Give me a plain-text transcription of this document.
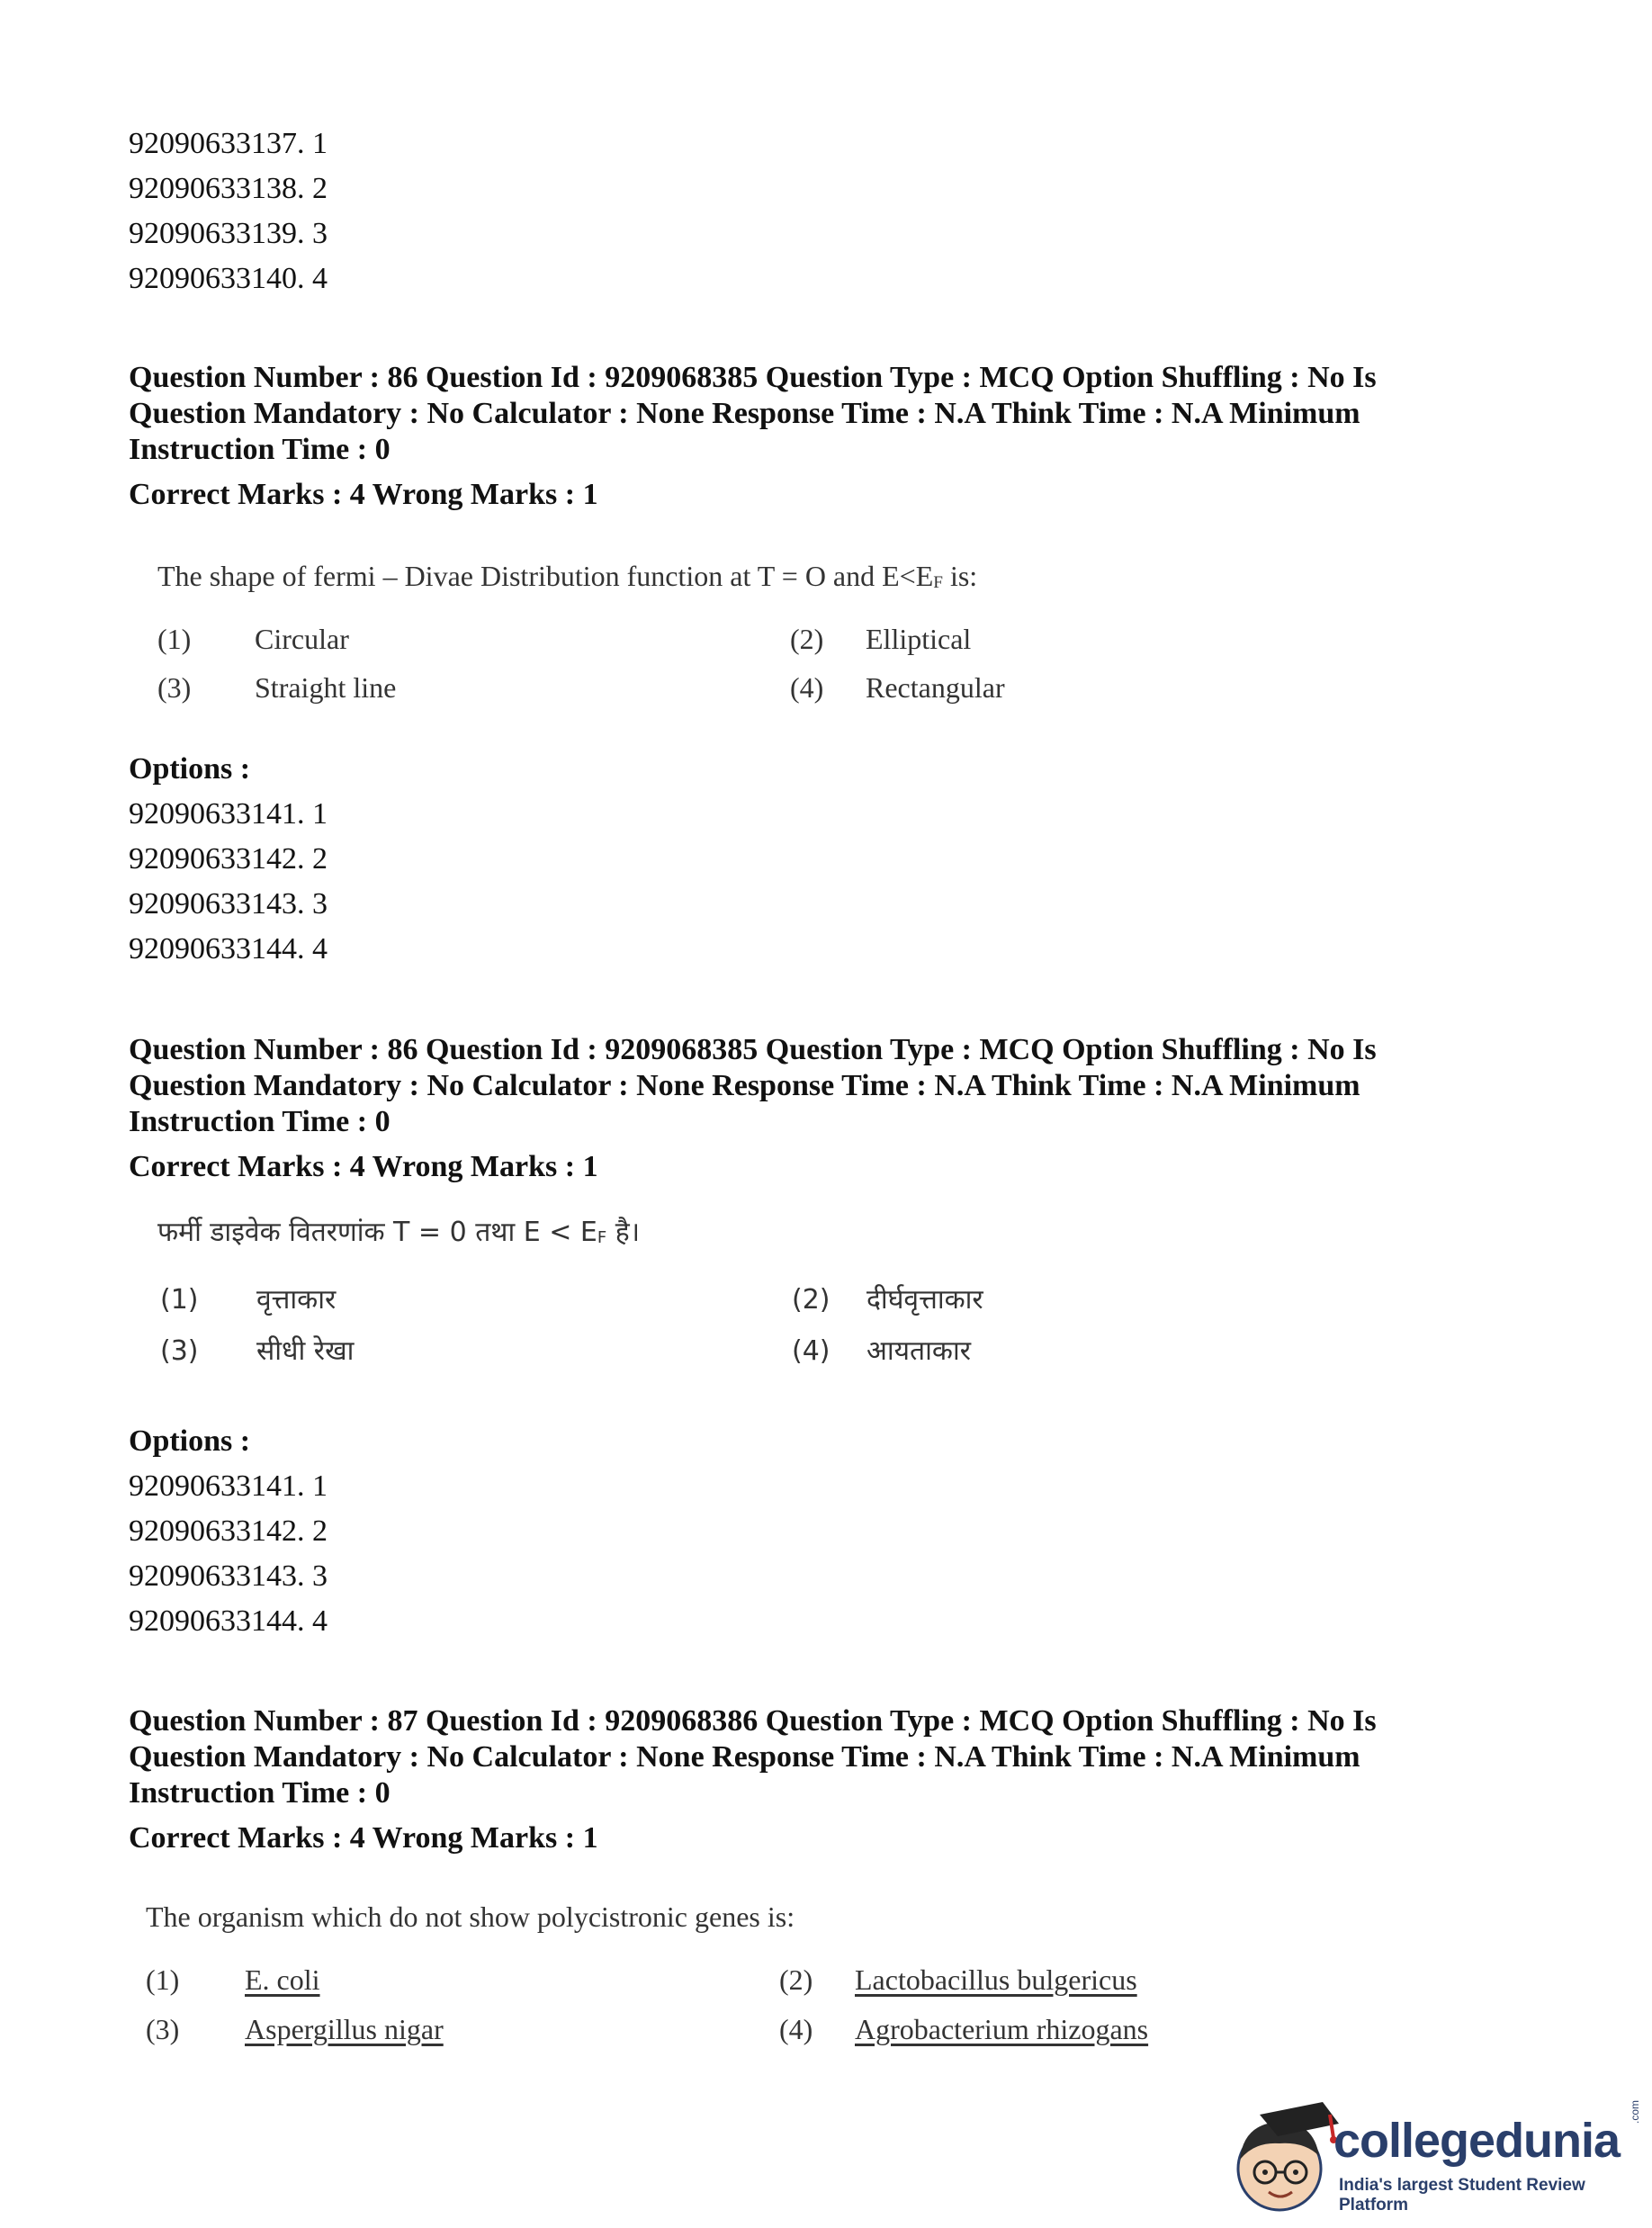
92090633137. 1
92090633138. 2
92090633139. 3
92090633140. 4
Question Number : 86 Question Id : 9209068385 Question Type : MCQ Option Shuffling : No Is Question Mandatory : No Calculator : None Response Time : N.A Think Time : N.A Minimum Instruction Time : 0
Correct Marks : 4 Wrong Marks : 1
The shape of fermi – Divae Distribution function at T = O and $E<E_F$ is:
(1) Circular	(2) Elliptical
(3) Straight line	(4) Rectangular
Options :
92090633141. 1
92090633142. 2
92090633143. 3
92090633144. 4
Question Number : 86 Question Id : 9209068385 Question Type : MCQ Option Shuffling : No Is Question Mandatory : No Calculator : None Response Time : N.A Think Time : N.A Minimum Instruction Time : 0
Correct Marks : 4 Wrong Marks : 1
फर्मी डाइवेक वितरणांक T = 0 तथा $E < E_F$ है।
(1) वृत्ताकार	(2) दीर्घवृत्ताकार
(3) सीधी रेखा	(4) आयताकार
Options :
92090633141. 1
92090633142. 2
92090633143. 3
92090633144. 4
Question Number : 87 Question Id : 9209068386 Question Type : MCQ Option Shuffling : No Is Question Mandatory : No Calculator : None Response Time : N.A Think Time : N.A Minimum Instruction Time : 0
Correct Marks : 4 Wrong Marks : 1
The organism which do not show polycistronic genes is:
(1) E. coli	(2) Lactobacillus bulgericus
(3) Aspergillus nigar	(4) Agrobacterium rhizogans
collegedunia
.com
India's largest Student Review Platform
